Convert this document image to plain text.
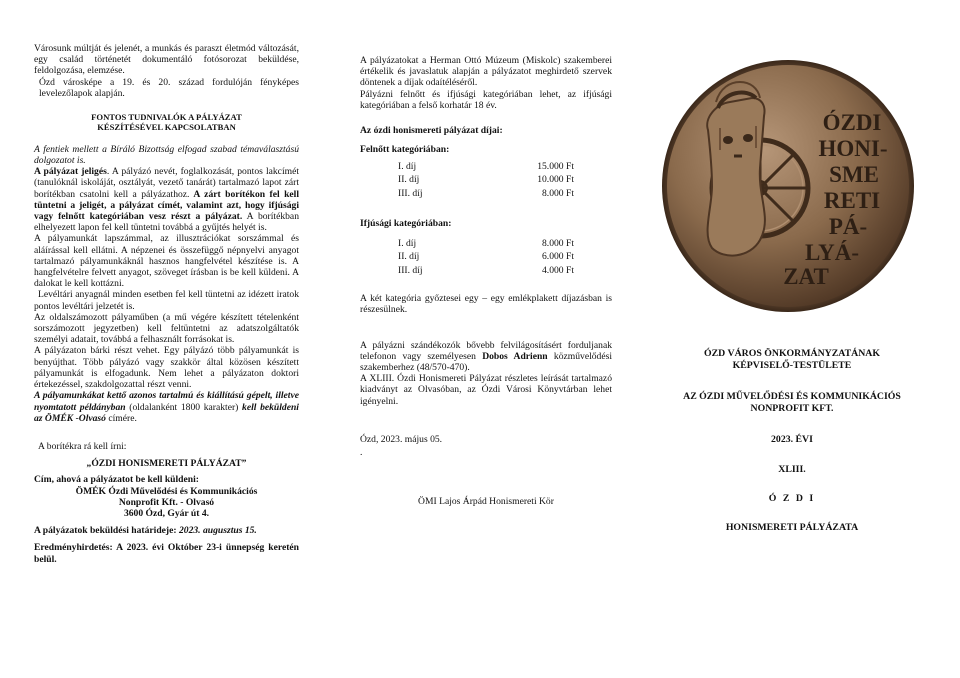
Városunk múltját és jelenét, a munkás és paraszt életmód változását, egy család történetét dokumentáló fotósorozat beküldése, feldolgozása, elemzése.

Ózd városképe a 19. és 20. század fordulóján fényképes levelezőlapok alapján.

FONTOS TUDNIVALÓK A PÁLYÁZAT

KÉSZÍTÉSÉVEL KAPCSOLATBAN

A fentiek mellett a Bíráló Bizottság elfogad szabad témaválasztású dolgozatot is.

A pályázat jeligés. A pályázó nevét, foglalkozását, pontos lakcímét (tanulóknál iskoláját, osztályát, vezető tanárát) tartalmazó lapot zárt borítékban csatolni kell a pályázathoz. A zárt borítékon fel kell tüntetni a jeligét, a pályázat címét, valamint azt, hogy ifjúsági vagy felnőtt kategóriában vesz részt a pályázat. A borítékban elhelyezett lapon fel kell tüntetni továbbá a gyűjtés helyét is.

A pályamunkát lapszámmal, az illusztrációkat sorszámmal és aláírással kell ellátni. A népzenei és összefüggő népnyelvi anyagot tartalmazó pályamunkáknál hasznos hangfelvétel készítése is. A hangfelvételre felvett anyagot, szöveget írásban is be kell küldeni. A dalokat le kell kottázni.

Levéltári anyagnál minden esetben fel kell tüntetni az idézett iratok pontos levéltári jelzetét is.

Az oldalszámozott pályaműben (a mű végére készített tételenként sorszámozott jegyzetben) kell feltüntetni az adatszolgáltatók személyi adatait, továbbá a felhasznált forrásokat is.

A pályázaton bárki részt vehet. Egy pályázó több pályamunkát is benyújthat. Több pályázó vagy szakkör által közösen készített pályamunkát is elfogadunk. Nem lehet a pályázaton doktori értekezéssel, szakdolgozattal részt venni.

A pályamunkákat kettő azonos tartalmú és kiállítású gépelt, illetve nyomtatott példányban (oldalanként 1800 karakter) kell beküldeni az ÖMÉK -Olvasó címére.

A borítékra rá kell írni:

„ÓZDI HONISMERETI PÁLYÁZAT”

Cím, ahová a pályázatot be kell küldeni:

ÖMÉK Ózdi Művelődési és Kommunikációs

Nonprofit Kft. - Olvasó

3600 Ózd, Gyár út 4.

A pályázatok beküldési határideje: 2023. augusztus 15.

Eredményhirdetés: A 2023. évi Október 23-i ünnepség keretén belül.

A pályázatokat a Herman Ottó Múzeum (Miskolc) szakemberei értékelik és javaslatuk alapján a pályázatot meghirdető szervek döntenek a díjak odaítéléséről.

Pályázni felnőtt és ifjúsági kategóriában lehet, az ifjúsági kategóriában a felső korhatár 18 év.

Az ózdi honismereti pályázat díjai:

Felnőtt kategóriában:

I. díj	15.000 Ft
II. díj	10.000 Ft
III. díj	8.000 Ft

Ifjúsági kategóriában:

I. díj	8.000 Ft
II. díj	6.000 Ft
III. díj	4.000 Ft

A két kategória győztesei egy – egy emlékplakett díjazásban is részesülnek.

A pályázni szándékozók bővebb felvilágosításért forduljanak telefonon vagy személyesen Dobos Adrienn közművelődési szakemberhez (48/570-470).

A XLIII. Ózdi Honismereti Pályázat részletes leírását tartalmazó kiadványt az Olvasóban, az Ózdi Városi Könyvtárban lehet igényelni.

Ózd, 2023. május 05.

.

ÖMI Lajos Árpád Honismereti Kör

ÓZDI
HONI-
SME
RETI
PÁ-
LYÁ-
ZAT

ÓZD VÁROS ÖNKORMÁNYZATÁNAK

KÉPVISELŐ-TESTÜLETE

AZ ÓZDI MŰVELŐDÉSI ÉS KOMMUNIKÁCIÓS

NONPROFIT KFT.

2023. ÉVI

XLIII.

Ó Z D I

HONISMERETI PÁLYÁZATA
